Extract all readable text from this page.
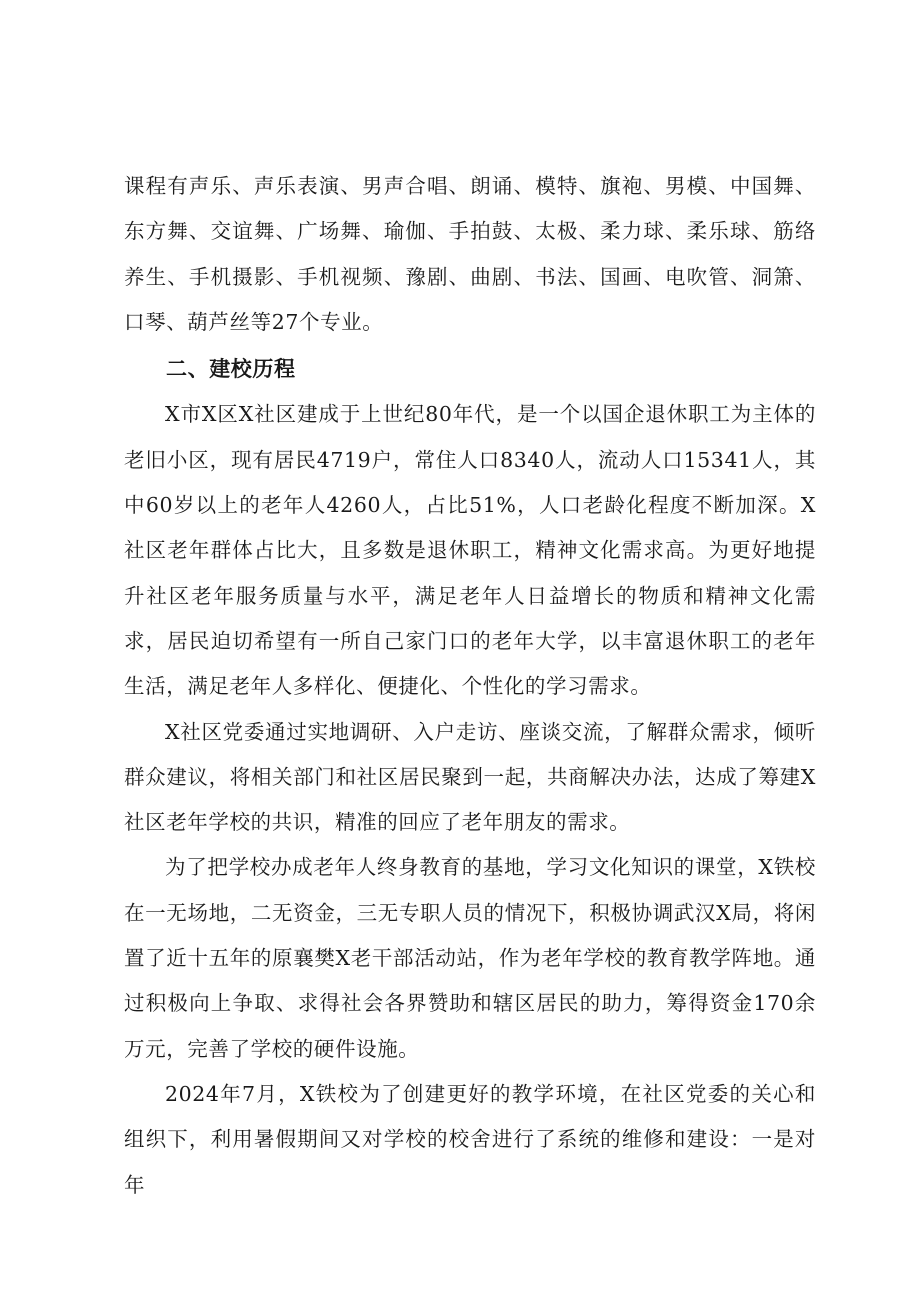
课程有声乐、声乐表演、男声合唱、朗诵、模特、旗袍、男模、中国舞、东方舞、交谊舞、广场舞、瑜伽、手拍鼓、太极、柔力球、柔乐球、筋络养生、手机摄影、手机视频、豫剧、曲剧、书法、国画、电吹管、洞箫、口琴、葫芦丝等27个专业。

二、建校历程

X市X区X社区建成于上世纪80年代，是一个以国企退休职工为主体的老旧小区，现有居民4719户，常住人口8340人，流动人口15341人，其中60岁以上的老年人4260人，占比51%，人口老龄化程度不断加深。X社区老年群体占比大，且多数是退休职工，精神文化需求高。为更好地提升社区老年服务质量与水平，满足老年人日益增长的物质和精神文化需求，居民迫切希望有一所自己家门口的老年大学，以丰富退休职工的老年生活，满足老年人多样化、便捷化、个性化的学习需求。

X社区党委通过实地调研、入户走访、座谈交流，了解群众需求，倾听群众建议，将相关部门和社区居民聚到一起，共商解决办法，达成了筹建X社区老年学校的共识，精准的回应了老年朋友的需求。

为了把学校办成老年人终身教育的基地，学习文化知识的课堂，X铁校在一无场地，二无资金，三无专职人员的情况下，积极协调武汉X局，将闲置了近十五年的原襄樊X老干部活动站，作为老年学校的教育教学阵地。通过积极向上争取、求得社会各界赞助和辖区居民的助力，筹得资金170余万元，完善了学校的硬件设施。

2024年7月，X铁校为了创建更好的教学环境，在社区党委的关心和组织下，利用暑假期间又对学校的校舍进行了系统的维修和建设：一是对年
